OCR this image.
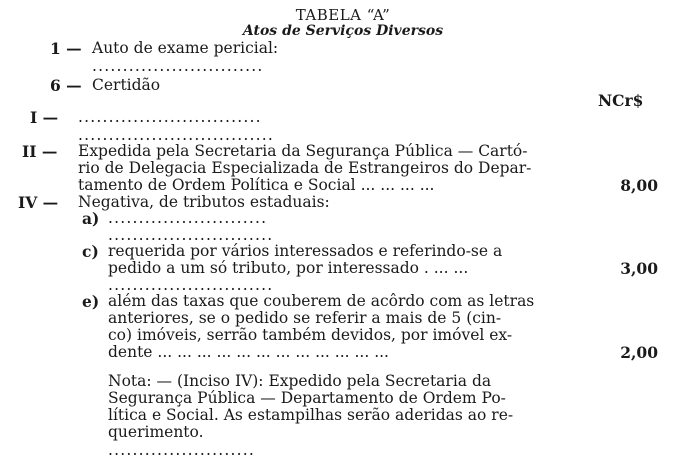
TABELA “A”
Atos de Serviços Diversos
1 — Auto de exame pericial:
............................
6 — Certidão
NCr$
I — ..............................
................................
II — Expedida pela Secretaria da Segurança Pública — Cartó-
rio de Delegacia Especializada de Estrangeiros do Depar-
tamento de Ordem Política e Social ... ... ... ...	8,00
IV — Negativa, de tributos estaduais:
a) ..........................
...........................
c) requerida por vários interessados e referindo-se a
pedido a um só tributo, por interessado . ... ...	3,00
...........................
e) além das taxas que couberem de acôrdo com as letras
anteriores, se o pedido se referir a mais de 5 (cin-
co) imóveis, serrão também devidos, por imóvel ex-
dente ... ... ... ... ... ... ... ... ... ... ... ...	2,00
Nota: — (Inciso IV): Expedido pela Secretaria da
Segurança Pública — Departamento de Ordem Po-
lítica e Social. As estampilhas serão aderidas ao re-
querimento.
........................
